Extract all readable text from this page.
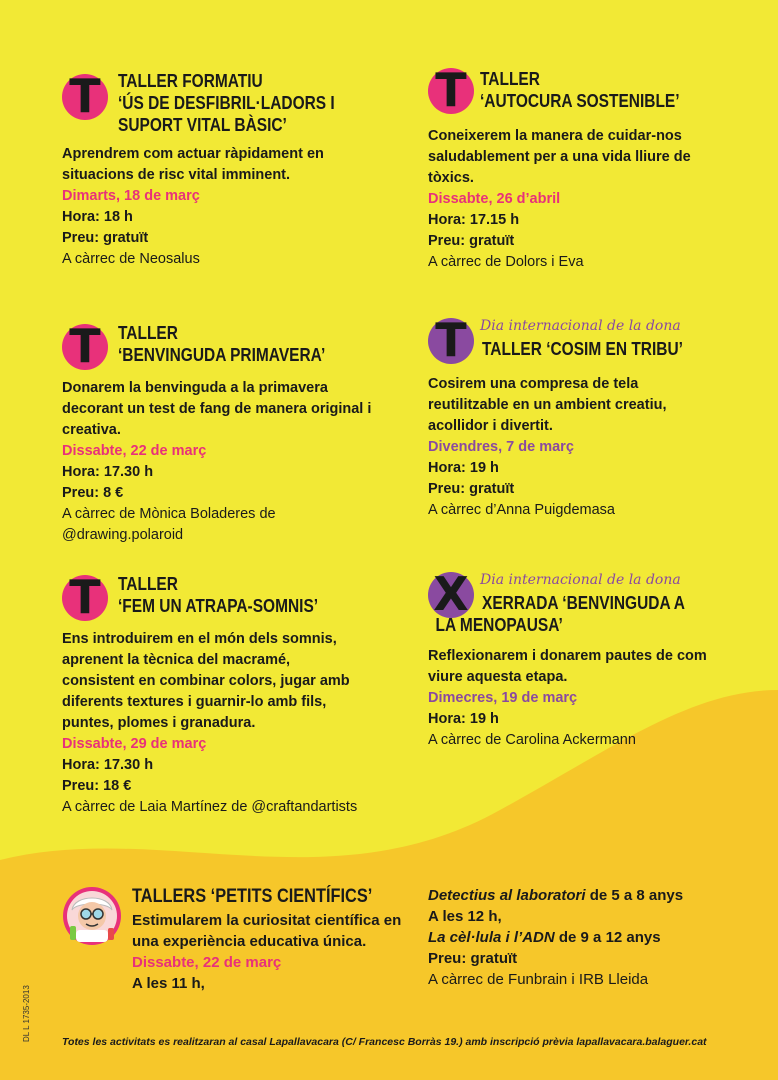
T TALLER FORMATIU
‘ÚS DE DESFIBRIL·LADORS I
SUPORT VITAL BÀSIC’
Aprendrem com actuar ràpidament en
situacions de risc vital imminent.
Dimarts, 18 de març
Hora: 18 h
Preu: gratuït
A càrrec de Neosalus
T TALLER
‘AUTOCURA SOSTENIBLE’
Coneixerem la manera de cuidar-nos
saludablement per a una vida lliure de
tòxics.
Dissabte, 26 d’abril
Hora: 17.15 h
Preu: gratuït
A càrrec de Dolors i Eva
T TALLER
‘BENVINGUDA PRIMAVERA’
Donarem la benvinguda a la primavera
decorant un test de fang de manera original i
creativa.
Dissabte, 22 de març
Hora: 17.30 h
Preu: 8 €
A càrrec de Mònica Boladeres de @drawing.polaroid
T Dia internacional de la dona
TALLER ‘COSIM EN TRIBU’
Cosirem una compresa de tela
reutilitzable en un ambient creatiu,
acollidor i divertit.
Divendres, 7 de març
Hora: 19 h
Preu: gratuït
A càrrec d’Anna Puigdemasa
T TALLER
‘FEM UN ATRAPA-SOMNIS’
Ens introduirem en el món dels somnis,
aprenent la tècnica del macramé,
consistent en combinar colors, jugar amb
diferents textures i guarnir-lo amb fils,
puntes, plomes i granadura.
Dissabte, 29 de març
Hora: 17.30 h
Preu: 18 €
A càrrec de Laia Martínez de @craftandartists
X Dia internacional de la dona
XERRADA ‘BENVINGUDA A
LA MENOPAUSA’
Reflexionarem i donarem pautes de com
viure aquesta etapa.
Dimecres, 19 de març
Hora: 19 h
A càrrec de Carolina Ackermann
TALLERS ‘PETITS CIENTÍFICS’
Estimularem la curiositat científica en
una experiència educativa única.
Dissabte, 22 de març
A les 11 h,
Detectius al laboratori de 5 a 8 anys
A les 12 h,
La cèl·lula i l’ADN de 9 a 12 anys
Preu: gratuït
A càrrec de Funbrain i IRB Lleida
Totes les activitats es realitzaran al casal Lapallavacara (C/ Francesc Borràs 19.) amb inscripció prèvia lapallavacara.balaguer.cat
DL L 1735-2013
